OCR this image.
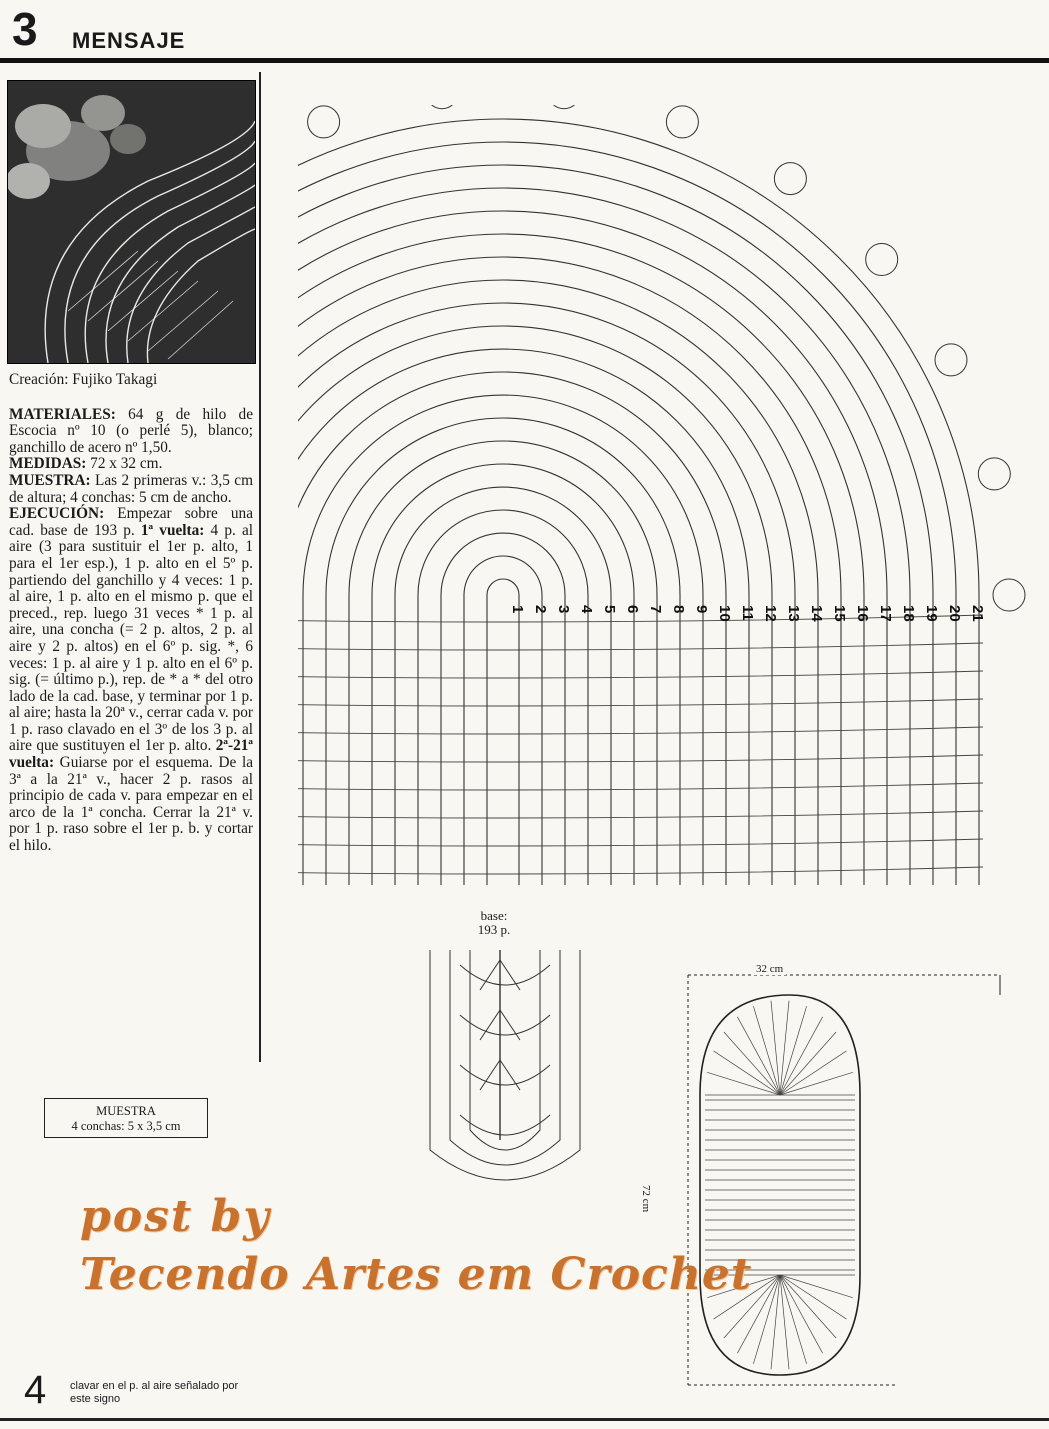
3 MENSAJE

Creación: Fujiko Takagi

MATERIALES: 64 g de hilo de Escocia nº 10 (o perlé 5), blanco; ganchillo de acero nº 1,50.

MEDIDAS: 72 x 32 cm.

MUESTRA: Las 2 primeras v.: 3,5 cm de altura; 4 conchas: 5 cm de ancho.

EJECUCIÓN: Empezar sobre una cad. base de 193 p. 1ª vuelta: 4 p. al aire (3 para sustituir el 1er p. alto, 1 para el 1er esp.), 1 p. alto en el 5º p. partiendo del ganchillo y 4 veces: 1 p. al aire, 1 p. alto en el mismo p. que el preced., rep. luego 31 veces * 1 p. al aire, una concha (= 2 p. altos, 2 p. al aire y 2 p. altos) en el 6º p. sig. *, 6 veces: 1 p. al aire y 1 p. alto en el 6º p. sig. (= último p.), rep. de * a * del otro lado de la cad. base, y terminar por 1 p. al aire; hasta la 20ª v., cerrar cada v. por 1 p. raso clavado en el 3º de los 3 p. al aire que sustituyen el 1er p. alto. 2ª-21ª vuelta: Guiarse por el esquema. De la 3ª a la 21ª v., hacer 2 p. rasos al principio de cada v. para empezar en el arco de la 1ª concha. Cerrar la 21ª v. por 1 p. raso sobre el 1er p. b. y cortar el hilo.

MUESTRA
4 conchas: 5 x 3,5 cm
1 2 3 4 5 6 7 8 9 10 11 12 13 14 15 16 17 18 19 20 21
base:
193 p.
32 cm
72 cm
post by
Tecendo Artes em Crochet
4 clavar en el p. al aire señalado por este signo
